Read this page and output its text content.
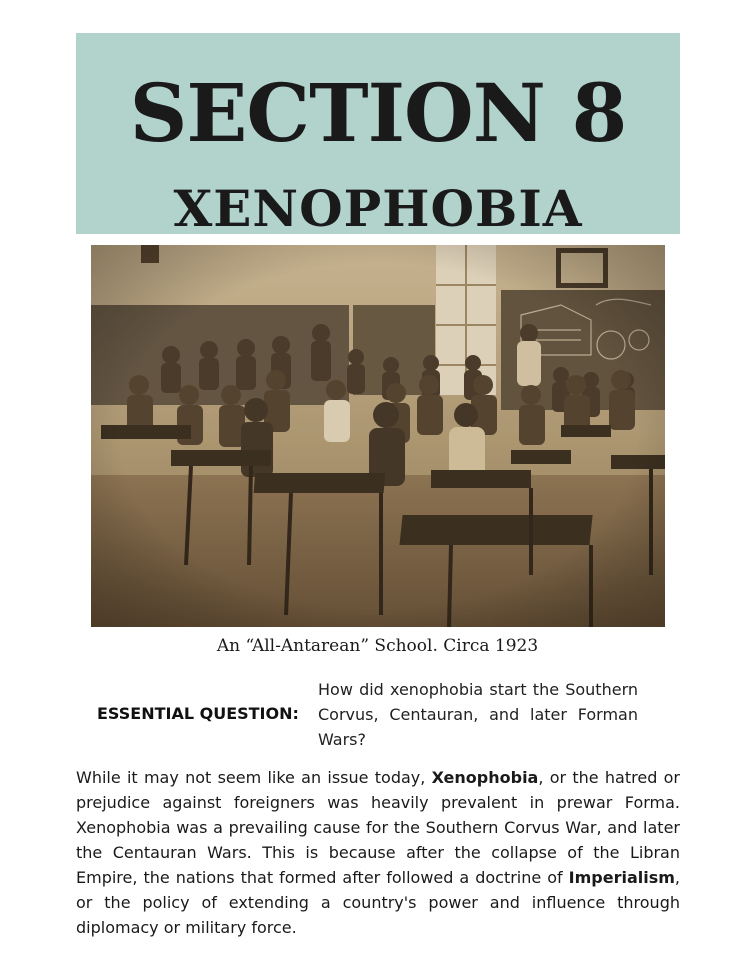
SECTION 8
XENOPHOBIA
An “All-Antarean” School. Circa 1923
ESSENTIAL QUESTION:
How did xenophobia start the Southern Corvus, Centauran, and later Forman Wars?

While it may not seem like an issue today, Xenophobia, or the hatred or prejudice against foreigners was heavily prevalent in prewar Forma. Xenophobia was a prevailing cause for the Southern Corvus War, and later the Centauran Wars. This is because after the collapse of the Libran Empire, the nations that formed after followed a doctrine of Imperialism, or the policy of extending a country's power and influence through diplomacy or military force.
